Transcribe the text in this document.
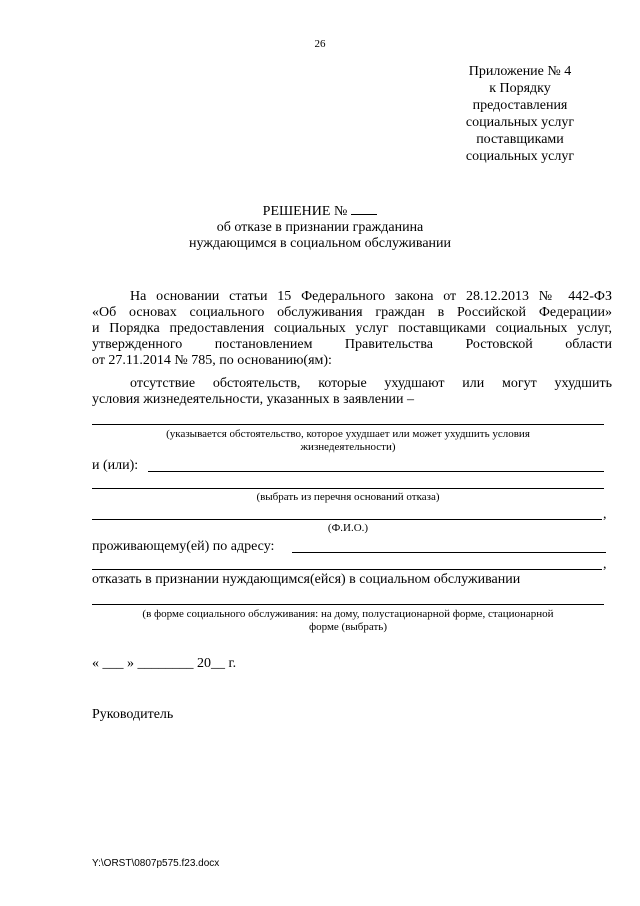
26
Приложение № 4
к Порядку
предоставления
социальных услуг
поставщиками
социальных услуг
РЕШЕНИЕ №
об отказе в признании гражданина
нуждающимся в социальном обслуживании
На основании статьи 15 Федерального закона от 28.12.2013 № 442-ФЗ
«Об основах социального обслуживания граждан в Российской Федерации»
и Порядка предоставления социальных услуг поставщиками социальных услуг,
утвержденного постановлением Правительства Ростовской области
от 27.11.2014 № 785, по основанию(ям):
отсутствие обстоятельств, которые ухудшают или могут ухудшить
условия жизнедеятельности, указанных в заявлении –
(указывается обстоятельство, которое ухудшает или может ухудшить условия
жизнедеятельности)
и (или):
(выбрать из перечня оснований отказа)
,
(Ф.И.О.)
проживающему(ей) по адресу:
,
отказать в признании нуждающимся(ейся) в социальном обслуживании
(в форме социального обслуживания: на дому, полустационарной форме, стационарной
форме (выбрать)
« ___ » ________ 20__ г.
Руководитель
Y:\ORST\0807p575.f23.docx
